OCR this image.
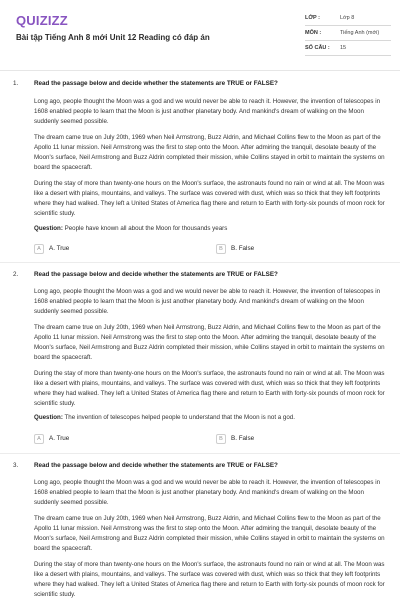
QUIZIZZ
Bài tập Tiếng Anh 8 mới Unit 12 Reading có đáp án
LỚP :	Lớp 8
MÔN :	Tiếng Anh (mới)
SỐ CÂU : 15
1. Read the passage below and decide whether the statements are TRUE or FALSE?
Long ago, people thought the Moon was a god and we would never be able to reach it. However, the invention of telescopes in 1608 enabled people to learn that the Moon is just another planetary body. And mankind's dream of walking on the Moon suddenly seemed possible.
The dream came true on July 20th, 1969 when Neil Armstrong, Buzz Aldrin, and Michael Collins flew to the Moon as part of the Apollo 11 lunar mission. Neil Armstrong was the first to step onto the Moon. After admiring the tranquil, desolate beauty of the Moon's surface, Neil Armstrong and Buzz Aldrin completed their mission, while Collins stayed in orbit to maintain the systems on board the spacecraft.
During the stay of more than twenty-one hours on the Moon's surface, the astronauts found no rain or wind at all. The Moon was like a desert with plains, mountains, and valleys. The surface was covered with dust, which was so thick that they left footprints where they had walked. They left a United States of America flag there and return to Earth with forty-six pounds of moon rock for scientific study.
Question: People have known all about the Moon for thousands years
A	A. True	B	B. False
2. Read the passage below and decide whether the statements are TRUE or FALSE?
Long ago, people thought the Moon was a god and we would never be able to reach it. However, the invention of telescopes in 1608 enabled people to learn that the Moon is just another planetary body. And mankind's dream of walking on the Moon suddenly seemed possible.
The dream came true on July 20th, 1969 when Neil Armstrong, Buzz Aldrin, and Michael Collins flew to the Moon as part of the Apollo 11 lunar mission. Neil Armstrong was the first to step onto the Moon. After admiring the tranquil, desolate beauty of the Moon's surface, Neil Armstrong and Buzz Aldrin completed their mission, while Collins stayed in orbit to maintain the systems on board the spacecraft.
During the stay of more than twenty-one hours on the Moon's surface, the astronauts found no rain or wind at all. The Moon was like a desert with plains, mountains, and valleys. The surface was covered with dust, which was so thick that they left footprints where they had walked. They left a United States of America flag there and return to Earth with forty-six pounds of moon rock for scientific study.
Question: The invention of telescopes helped people to understand that the Moon is not a god.
A	A. True	B	B. False
3. Read the passage below and decide whether the statements are TRUE or FALSE?
Long ago, people thought the Moon was a god and we would never be able to reach it. However, the invention of telescopes in 1608 enabled people to learn that the Moon is just another planetary body. And mankind's dream of walking on the Moon suddenly seemed possible.
The dream came true on July 20th, 1969 when Neil Armstrong, Buzz Aldrin, and Michael Collins flew to the Moon as part of the Apollo 11 lunar mission. Neil Armstrong was the first to step onto the Moon. After admiring the tranquil, desolate beauty of the Moon's surface, Neil Armstrong and Buzz Aldrin completed their mission, while Collins stayed in orbit to maintain the systems on board the spacecraft.
During the stay of more than twenty-one hours on the Moon's surface, the astronauts found no rain or wind at all. The Moon was like a desert with plains, mountains, and valleys. The surface was covered with dust, which was so thick that they left footprints where they had walked. They left a United States of America flag there and return to Earth with forty-six pounds of moon rock for scientific study.
